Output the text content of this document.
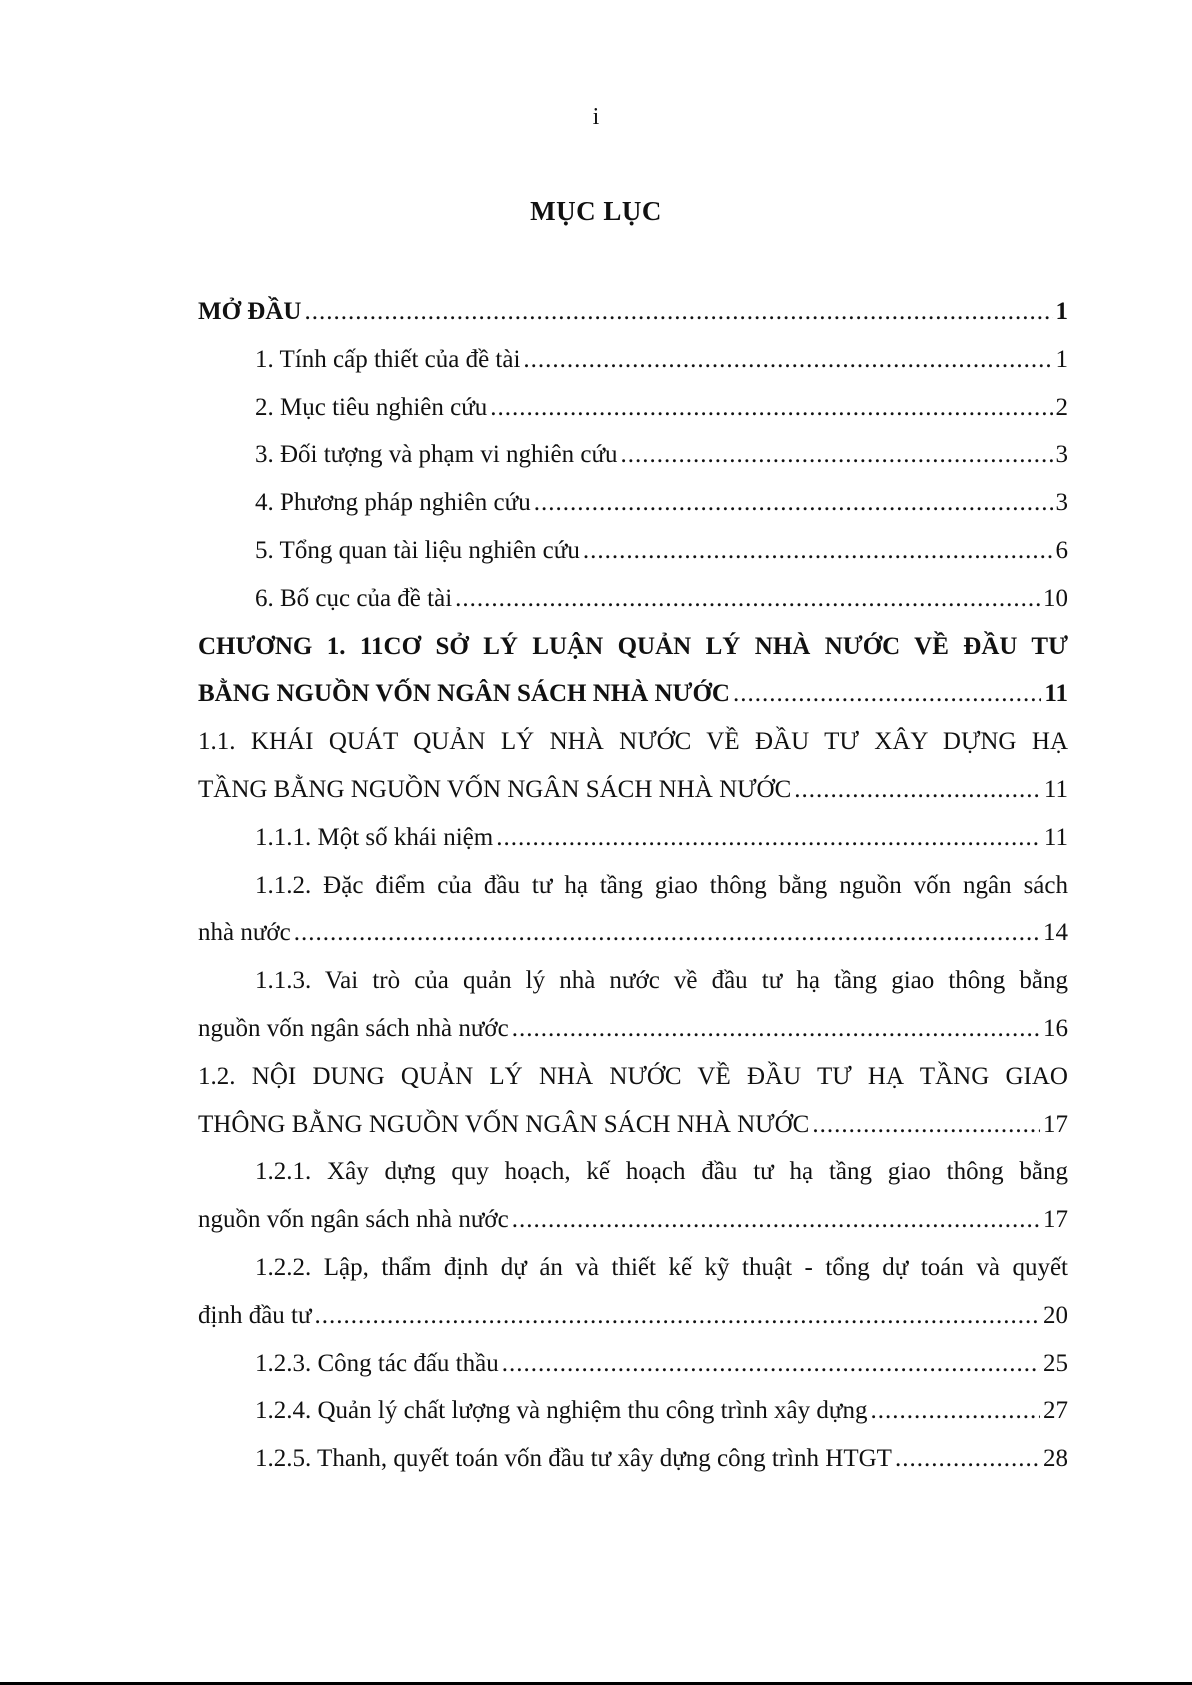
i
MỤC LỤC
MỞ ĐẦU .....	1
1. Tính cấp thiết của đề tài .....	1
2. Mục tiêu nghiên cứu .....	2
3. Đối tượng và phạm vi nghiên cứu .....	3
4. Phương pháp nghiên cứu .....	3
5. Tổng quan tài liệu nghiên cứu .....	6
6. Bố cục của đề tài .....	10
CHƯƠNG 1. 11CƠ SỞ LÝ LUẬN QUẢN LÝ NHÀ NƯỚC VỀ ĐẦU TƯ
BẰNG NGUỒN VỐN NGÂN SÁCH NHÀ NƯỚC .....	11
1.1. KHÁI QUÁT QUẢN LÝ NHÀ NƯỚC VỀ ĐẦU TƯ XÂY DỰNG HẠ
TẦNG BẰNG NGUỒN VỐN NGÂN SÁCH NHÀ NƯỚC .....	11
1.1.1. Một số khái niệm .....	11
1.1.2. Đặc điểm của đầu tư hạ tầng giao thông bằng nguồn vốn ngân sách
nhà nước .....	14
1.1.3. Vai trò của quản lý nhà nước về đầu tư hạ tầng giao thông bằng
nguồn vốn ngân sách nhà nước .....	16
1.2. NỘI DUNG QUẢN LÝ NHÀ NƯỚC VỀ ĐẦU TƯ HẠ TẦNG GIAO
THÔNG BẰNG NGUỒN VỐN NGÂN SÁCH NHÀ NƯỚC .....	17
1.2.1. Xây dựng quy hoạch, kế hoạch đầu tư hạ tầng giao thông bằng
nguồn vốn ngân sách nhà nước .....	17
1.2.2. Lập, thẩm định dự án và thiết kế kỹ thuật - tổng dự toán và quyết
định đầu tư .....	20
1.2.3. Công tác đấu thầu .....	25
1.2.4. Quản lý chất lượng và nghiệm thu công trình xây dựng .....	27
1.2.5. Thanh, quyết toán vốn đầu tư xây dựng công trình HTGT .....	28
